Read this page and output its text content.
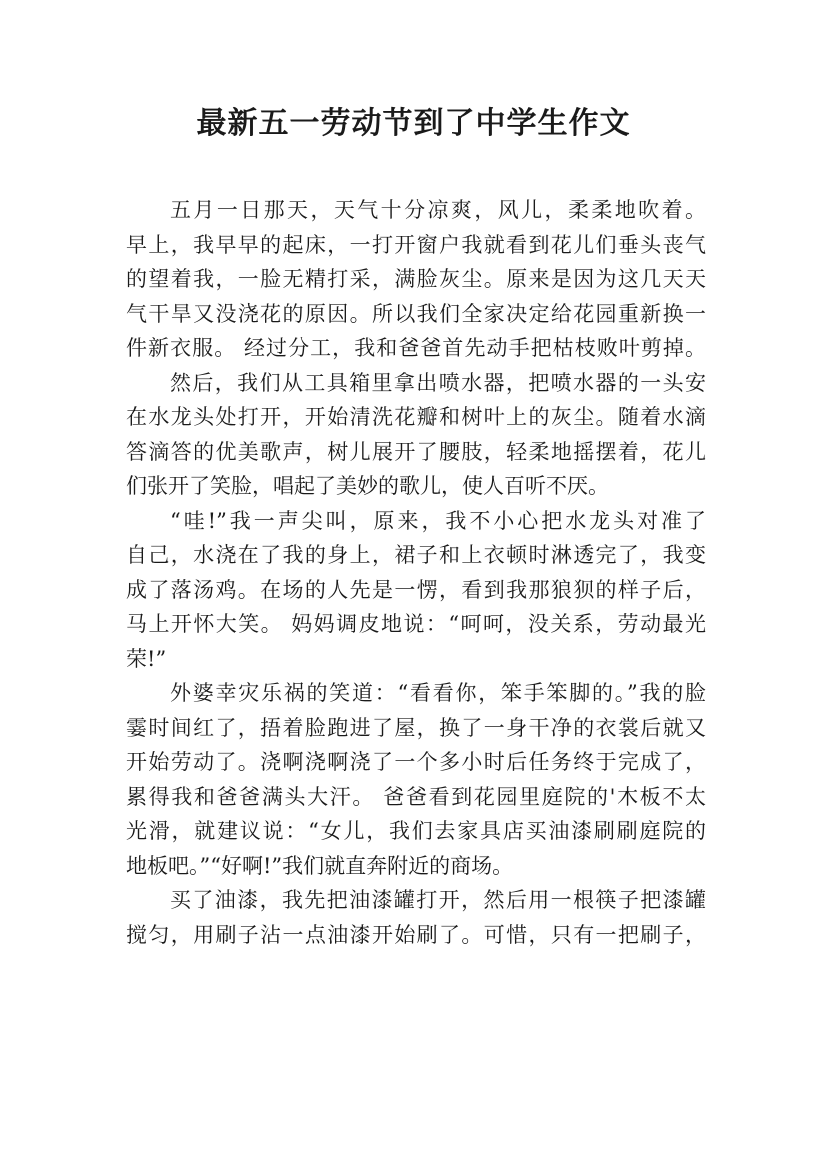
最新五一劳动节到了中学生作文
五月一日那天，天气十分凉爽，风儿，柔柔地吹着。
早上，我早早的起床，一打开窗户我就看到花儿们垂头丧气
的望着我，一脸无精打采，满脸灰尘。原来是因为这几天天
气干旱又没浇花的原因。所以我们全家决定给花园重新换一
件新衣服。 经过分工，我和爸爸首先动手把枯枝败叶剪掉。
然后，我们从工具箱里拿出喷水器，把喷水器的一头安
在水龙头处打开，开始清洗花瓣和树叶上的灰尘。随着水滴
答滴答的优美歌声，树儿展开了腰肢，轻柔地摇摆着，花儿
们张开了笑脸，唱起了美妙的歌儿，使人百听不厌。
“哇!”我一声尖叫，原来，我不小心把水龙头对准了
自己，水浇在了我的身上，裙子和上衣顿时淋透完了，我变
成了落汤鸡。在场的人先是一愣，看到我那狼狈的样子后，
马上开怀大笑。 妈妈调皮地说：“呵呵，没关系，劳动最光
荣!”
外婆幸灾乐祸的笑道：“看看你，笨手笨脚的。”我的脸
霎时间红了，捂着脸跑进了屋，换了一身干净的衣裳后就又
开始劳动了。浇啊浇啊浇了一个多小时后任务终于完成了，
累得我和爸爸满头大汗。 爸爸看到花园里庭院的'木板不太
光滑，就建议说：“女儿，我们去家具店买油漆刷刷庭院的
地板吧。”“好啊!”我们就直奔附近的商场。
买了油漆，我先把油漆罐打开，然后用一根筷子把漆罐
搅匀，用刷子沾一点油漆开始刷了。可惜，只有一把刷子，
